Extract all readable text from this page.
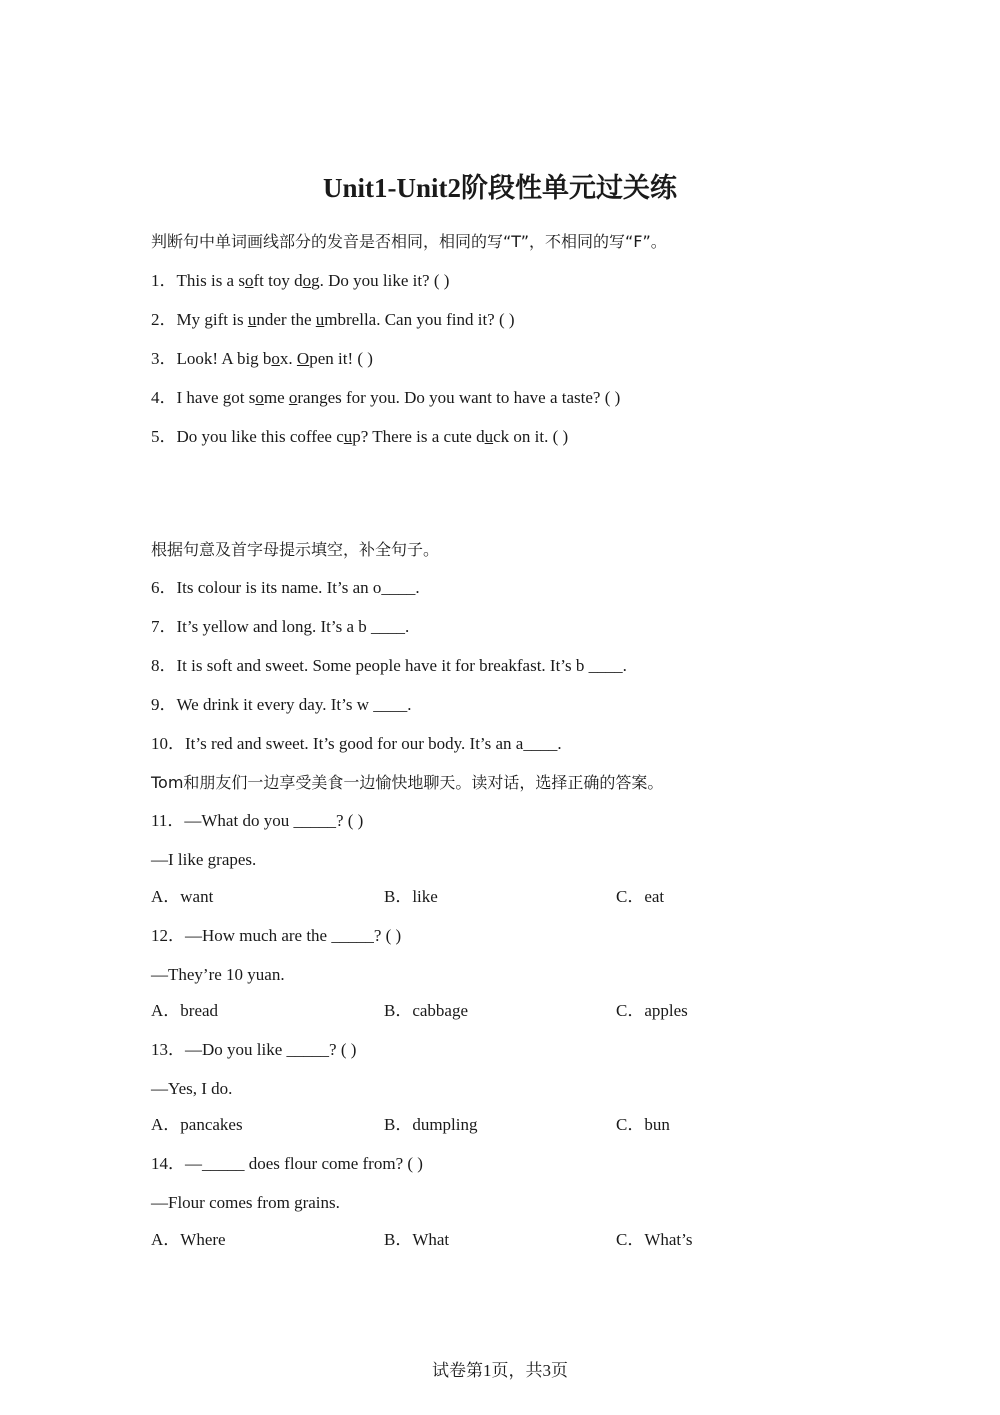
Unit1-Unit2阶段性单元过关练
判断句中单词画线部分的发音是否相同，相同的写“T”，不相同的写“F”。
1．This is a soft toy dog. Do you like it? ( )
2．My gift is under the umbrella. Can you find it? ( )
3．Look! A big box. Open it! ( )
4．I have got some oranges for you. Do you want to have a taste? ( )
5．Do you like this coffee cup? There is a cute duck on it. ( )
根据句意及首字母提示填空，补全句子。
6．Its colour is its name. It’s an o____.
7．It’s yellow and long. It’s a b ____.
8．It is soft and sweet. Some people have it for breakfast. It’s b ____.
9．We drink it every day. It’s w ____.
10．It’s red and sweet. It’s good for our body. It’s an a____.
Tom和朋友们一边享受美食一边愉快地聊天。读对话，选择正确的答案。
11．—What do you _____? ( )
—I like grapes.
A．want	B．like	C．eat
12．—How much are the _____? ( )
—They’re 10 yuan.
A．bread	B．cabbage	C．apples
13．—Do you like _____? ( )
—Yes, I do.
A．pancakes	B．dumpling	C．bun
14．—_____ does flour come from? ( )
—Flour comes from grains.
A．Where	B．What	C．What’s
试卷第1页，共3页
